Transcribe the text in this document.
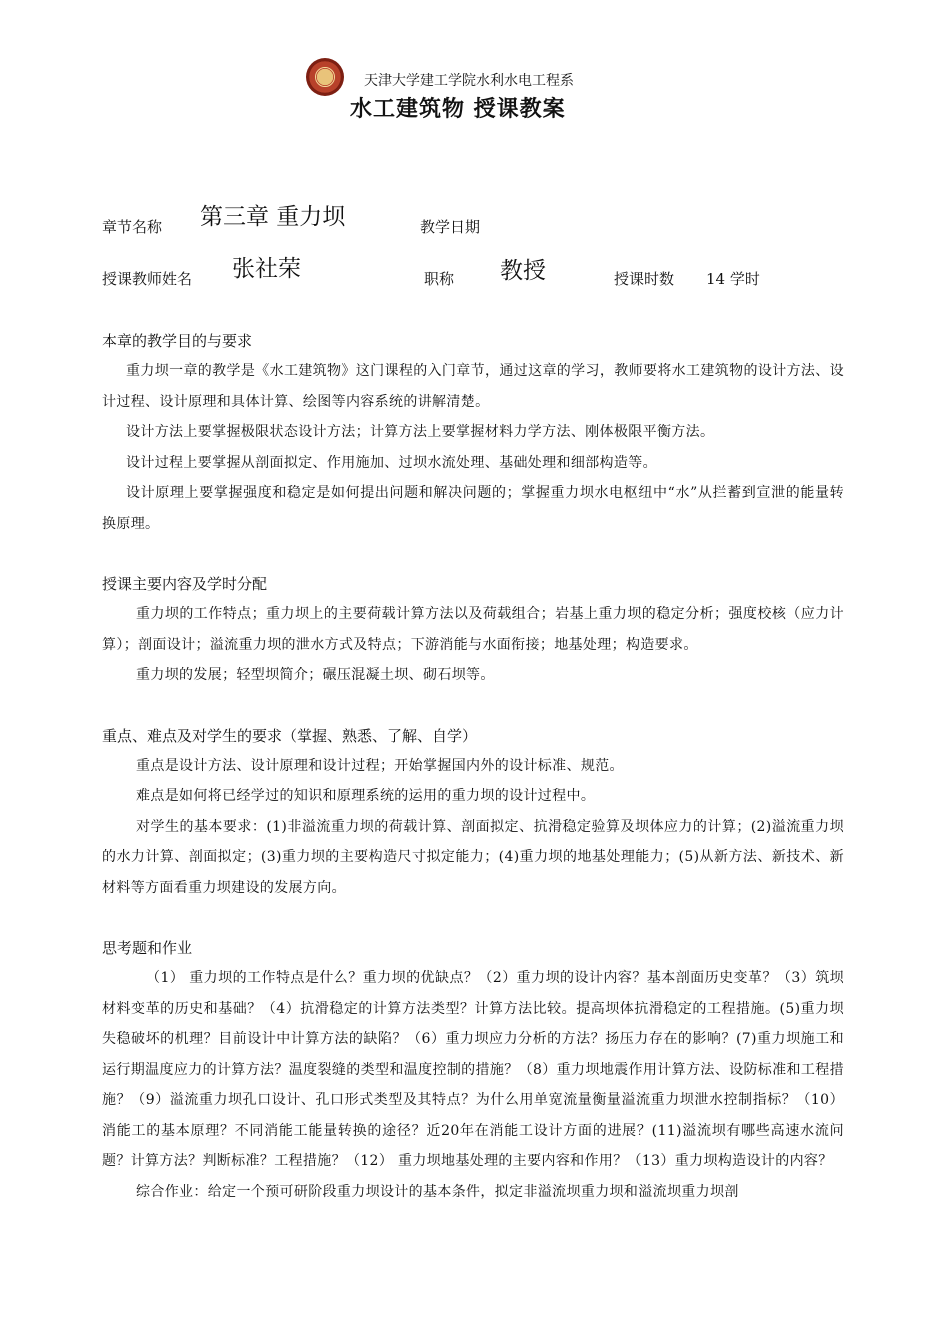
天津大学建工学院水利水电工程系
水工建筑物 授课教案
章节名称 第三章 重力坝	教学日期
授课教师姓名 张社荣	职称 教授	授课时数 14 学时
本章的教学目的与要求

重力坝一章的教学是《水工建筑物》这门课程的入门章节，通过这章的学习，教师要将水工建筑物的设计方法、设计过程、设计原理和具体计算、绘图等内容系统的讲解清楚。

设计方法上要掌握极限状态设计方法；计算方法上要掌握材料力学方法、刚体极限平衡方法。

设计过程上要掌握从剖面拟定、作用施加、过坝水流处理、基础处理和细部构造等。

设计原理上要掌握强度和稳定是如何提出问题和解决问题的；掌握重力坝水电枢纽中“水”从拦蓄到宣泄的能量转换原理。

授课主要内容及学时分配

重力坝的工作特点；重力坝上的主要荷载计算方法以及荷载组合；岩基上重力坝的稳定分析；强度校核（应力计算）；剖面设计；溢流重力坝的泄水方式及特点；下游消能与水面衔接；地基处理；构造要求。

重力坝的发展；轻型坝简介；碾压混凝土坝、砌石坝等。

重点、难点及对学生的要求（掌握、熟悉、了解、自学）

重点是设计方法、设计原理和设计过程；开始掌握国内外的设计标准、规范。

难点是如何将已经学过的知识和原理系统的运用的重力坝的设计过程中。

对学生的基本要求：(1)非溢流重力坝的荷载计算、剖面拟定、抗滑稳定验算及坝体应力的计算；(2)溢流重力坝的水力计算、剖面拟定；(3)重力坝的主要构造尺寸拟定能力；(4)重力坝的地基处理能力；(5)从新方法、新技术、新材料等方面看重力坝建设的发展方向。

思考题和作业

（1） 重力坝的工作特点是什么？重力坝的优缺点？（2）重力坝的设计内容？基本剖面历史变革？（3）筑坝材料变革的历史和基础？（4）抗滑稳定的计算方法类型？计算方法比较。提高坝体抗滑稳定的工程措施。(5)重力坝失稳破坏的机理？目前设计中计算方法的缺陷？（6）重力坝应力分析的方法？扬压力存在的影响？(7)重力坝施工和运行期温度应力的计算方法？温度裂缝的类型和温度控制的措施？（8）重力坝地震作用计算方法、设防标准和工程措施？（9）溢流重力坝孔口设计、孔口形式类型及其特点？为什么用单宽流量衡量溢流重力坝泄水控制指标？（10）消能工的基本原理？不同消能工能量转换的途径？近20年在消能工设计方面的进展？(11)溢流坝有哪些高速水流问题？计算方法？判断标准？工程措施？（12） 重力坝地基处理的主要内容和作用？（13）重力坝构造设计的内容？

综合作业：给定一个预可研阶段重力坝设计的基本条件，拟定非溢流坝重力坝和溢流坝重力坝剖
